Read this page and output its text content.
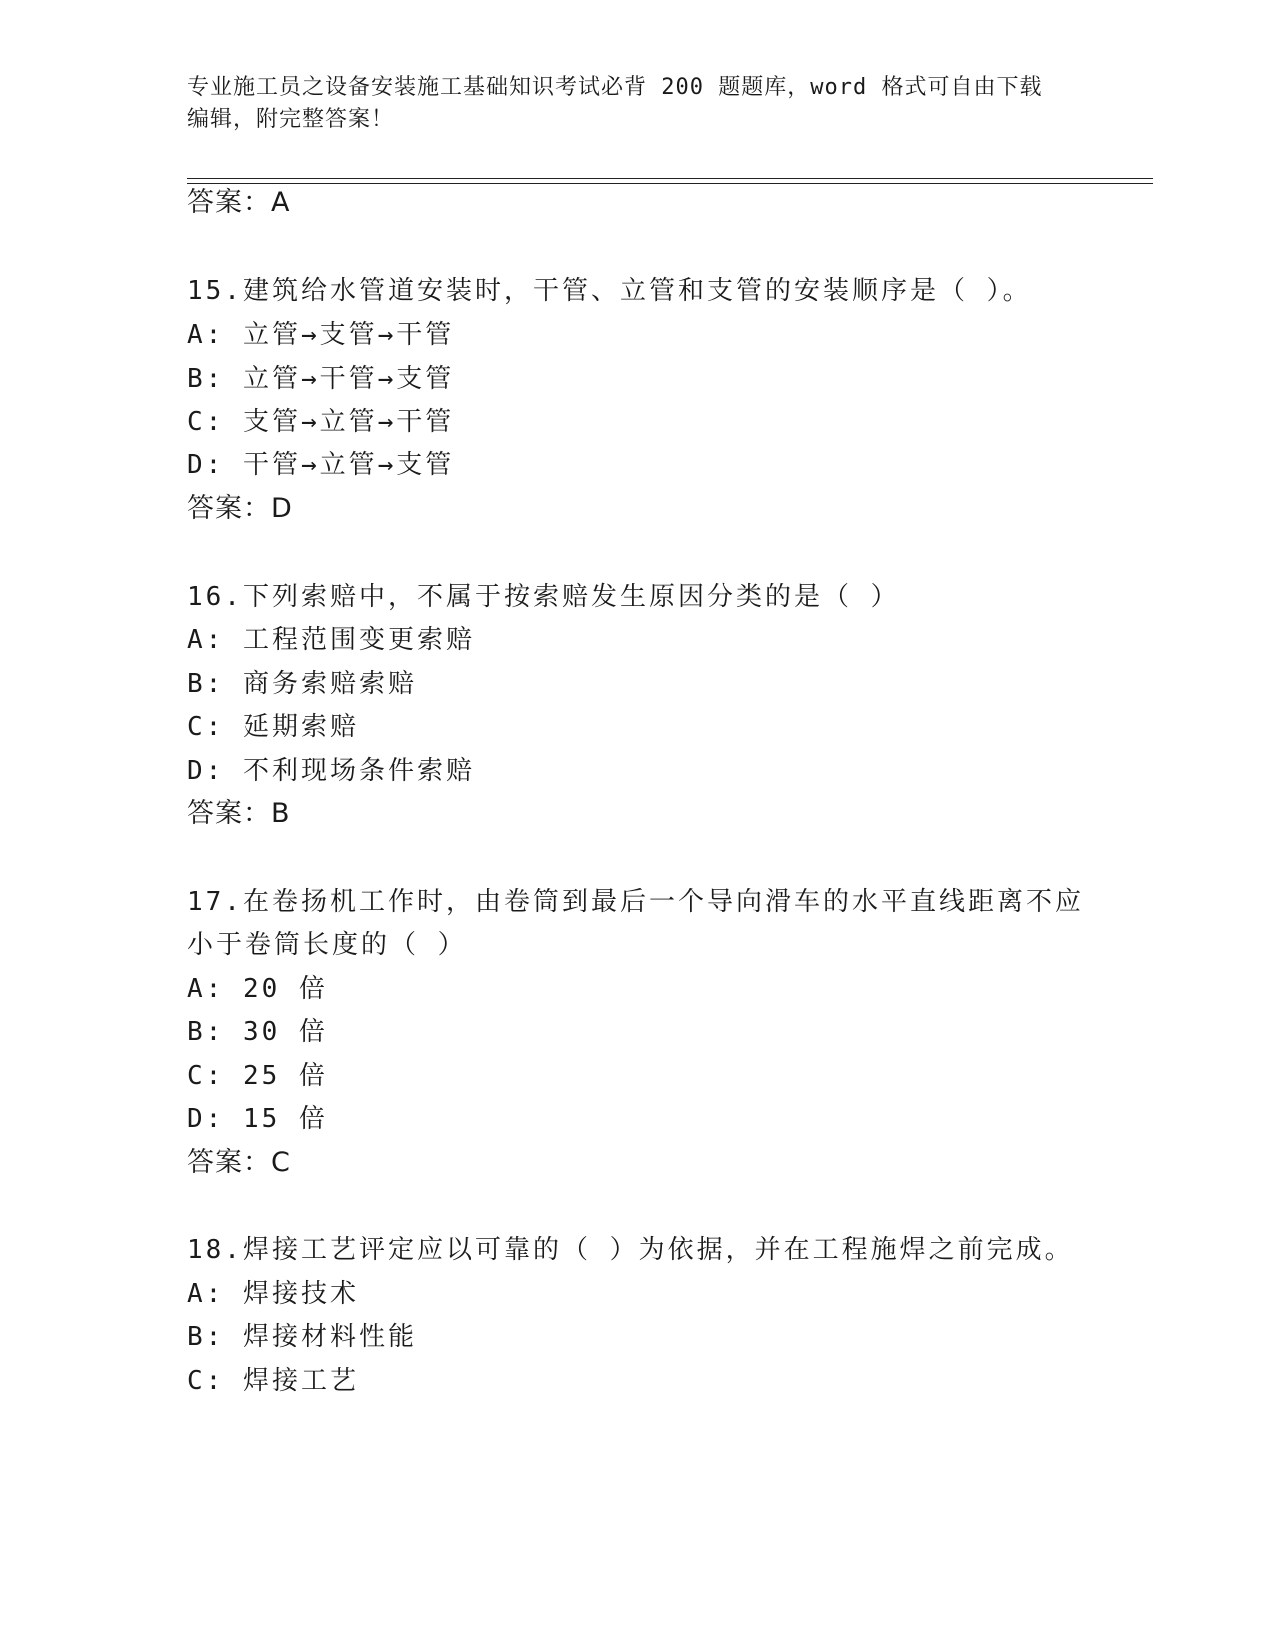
专业施工员之设备安装施工基础知识考试必背 200 题题库，word 格式可自由下载
编辑，附完整答案！
答案：A
15.建筑给水管道安装时，干管、立管和支管的安装顺序是（ ）。
A: 立管→支管→干管
B: 立管→干管→支管
C: 支管→立管→干管
D: 干管→立管→支管
答案：D
16.下列索赔中，不属于按索赔发生原因分类的是（ ）
A: 工程范围变更索赔
B: 商务索赔索赔
C: 延期索赔
D: 不利现场条件索赔
答案：B
17.在卷扬机工作时，由卷筒到最后一个导向滑车的水平直线距离不应
小于卷筒长度的（ ）
A: 20 倍
B: 30 倍
C: 25 倍
D: 15 倍
答案：C
18.焊接工艺评定应以可靠的（ ）为依据，并在工程施焊之前完成。
A: 焊接技术
B: 焊接材料性能
C: 焊接工艺
